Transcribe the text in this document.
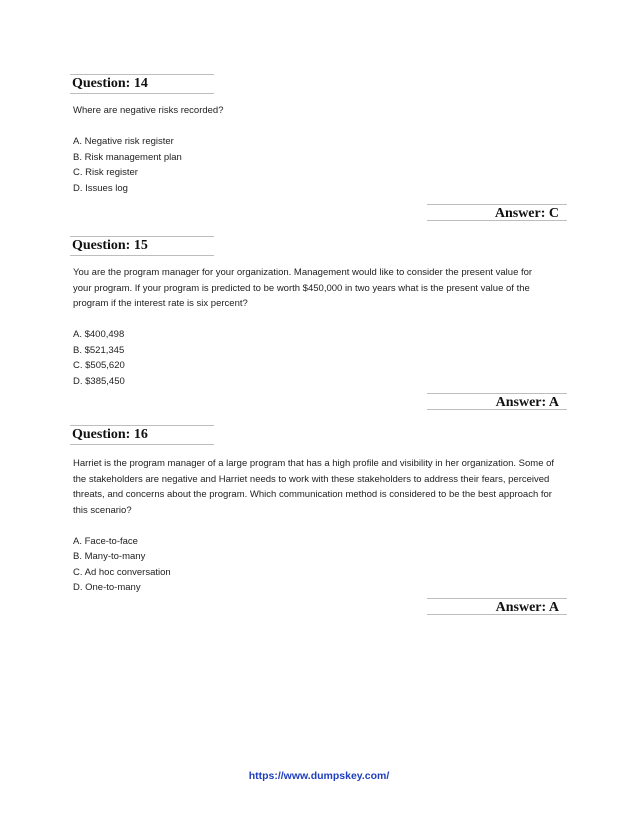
Question: 14

Where are negative risks recorded?

A. Negative risk register

B. Risk management plan

C. Risk register

D. Issues log

Answer: C
Question: 15

You are the program manager for your organization. Management would like to consider the present value for your program. If your program is predicted to be worth $450,000 in two years what is the present value of the program if the interest rate is six percent?

A. $400,498

B. $521,345

C. $505,620

D. $385,450

Answer: A
Question: 16

Harriet is the program manager of a large program that has a high profile and visibility in her organization. Some of the stakeholders are negative and Harriet needs to work with these stakeholders to address their fears, perceived threats, and concerns about the program. Which communication method is considered to be the best approach for this scenario?

A. Face-to-face

B. Many-to-many

C. Ad hoc conversation

D. One-to-many

Answer: A
https://www.dumpskey.com/
